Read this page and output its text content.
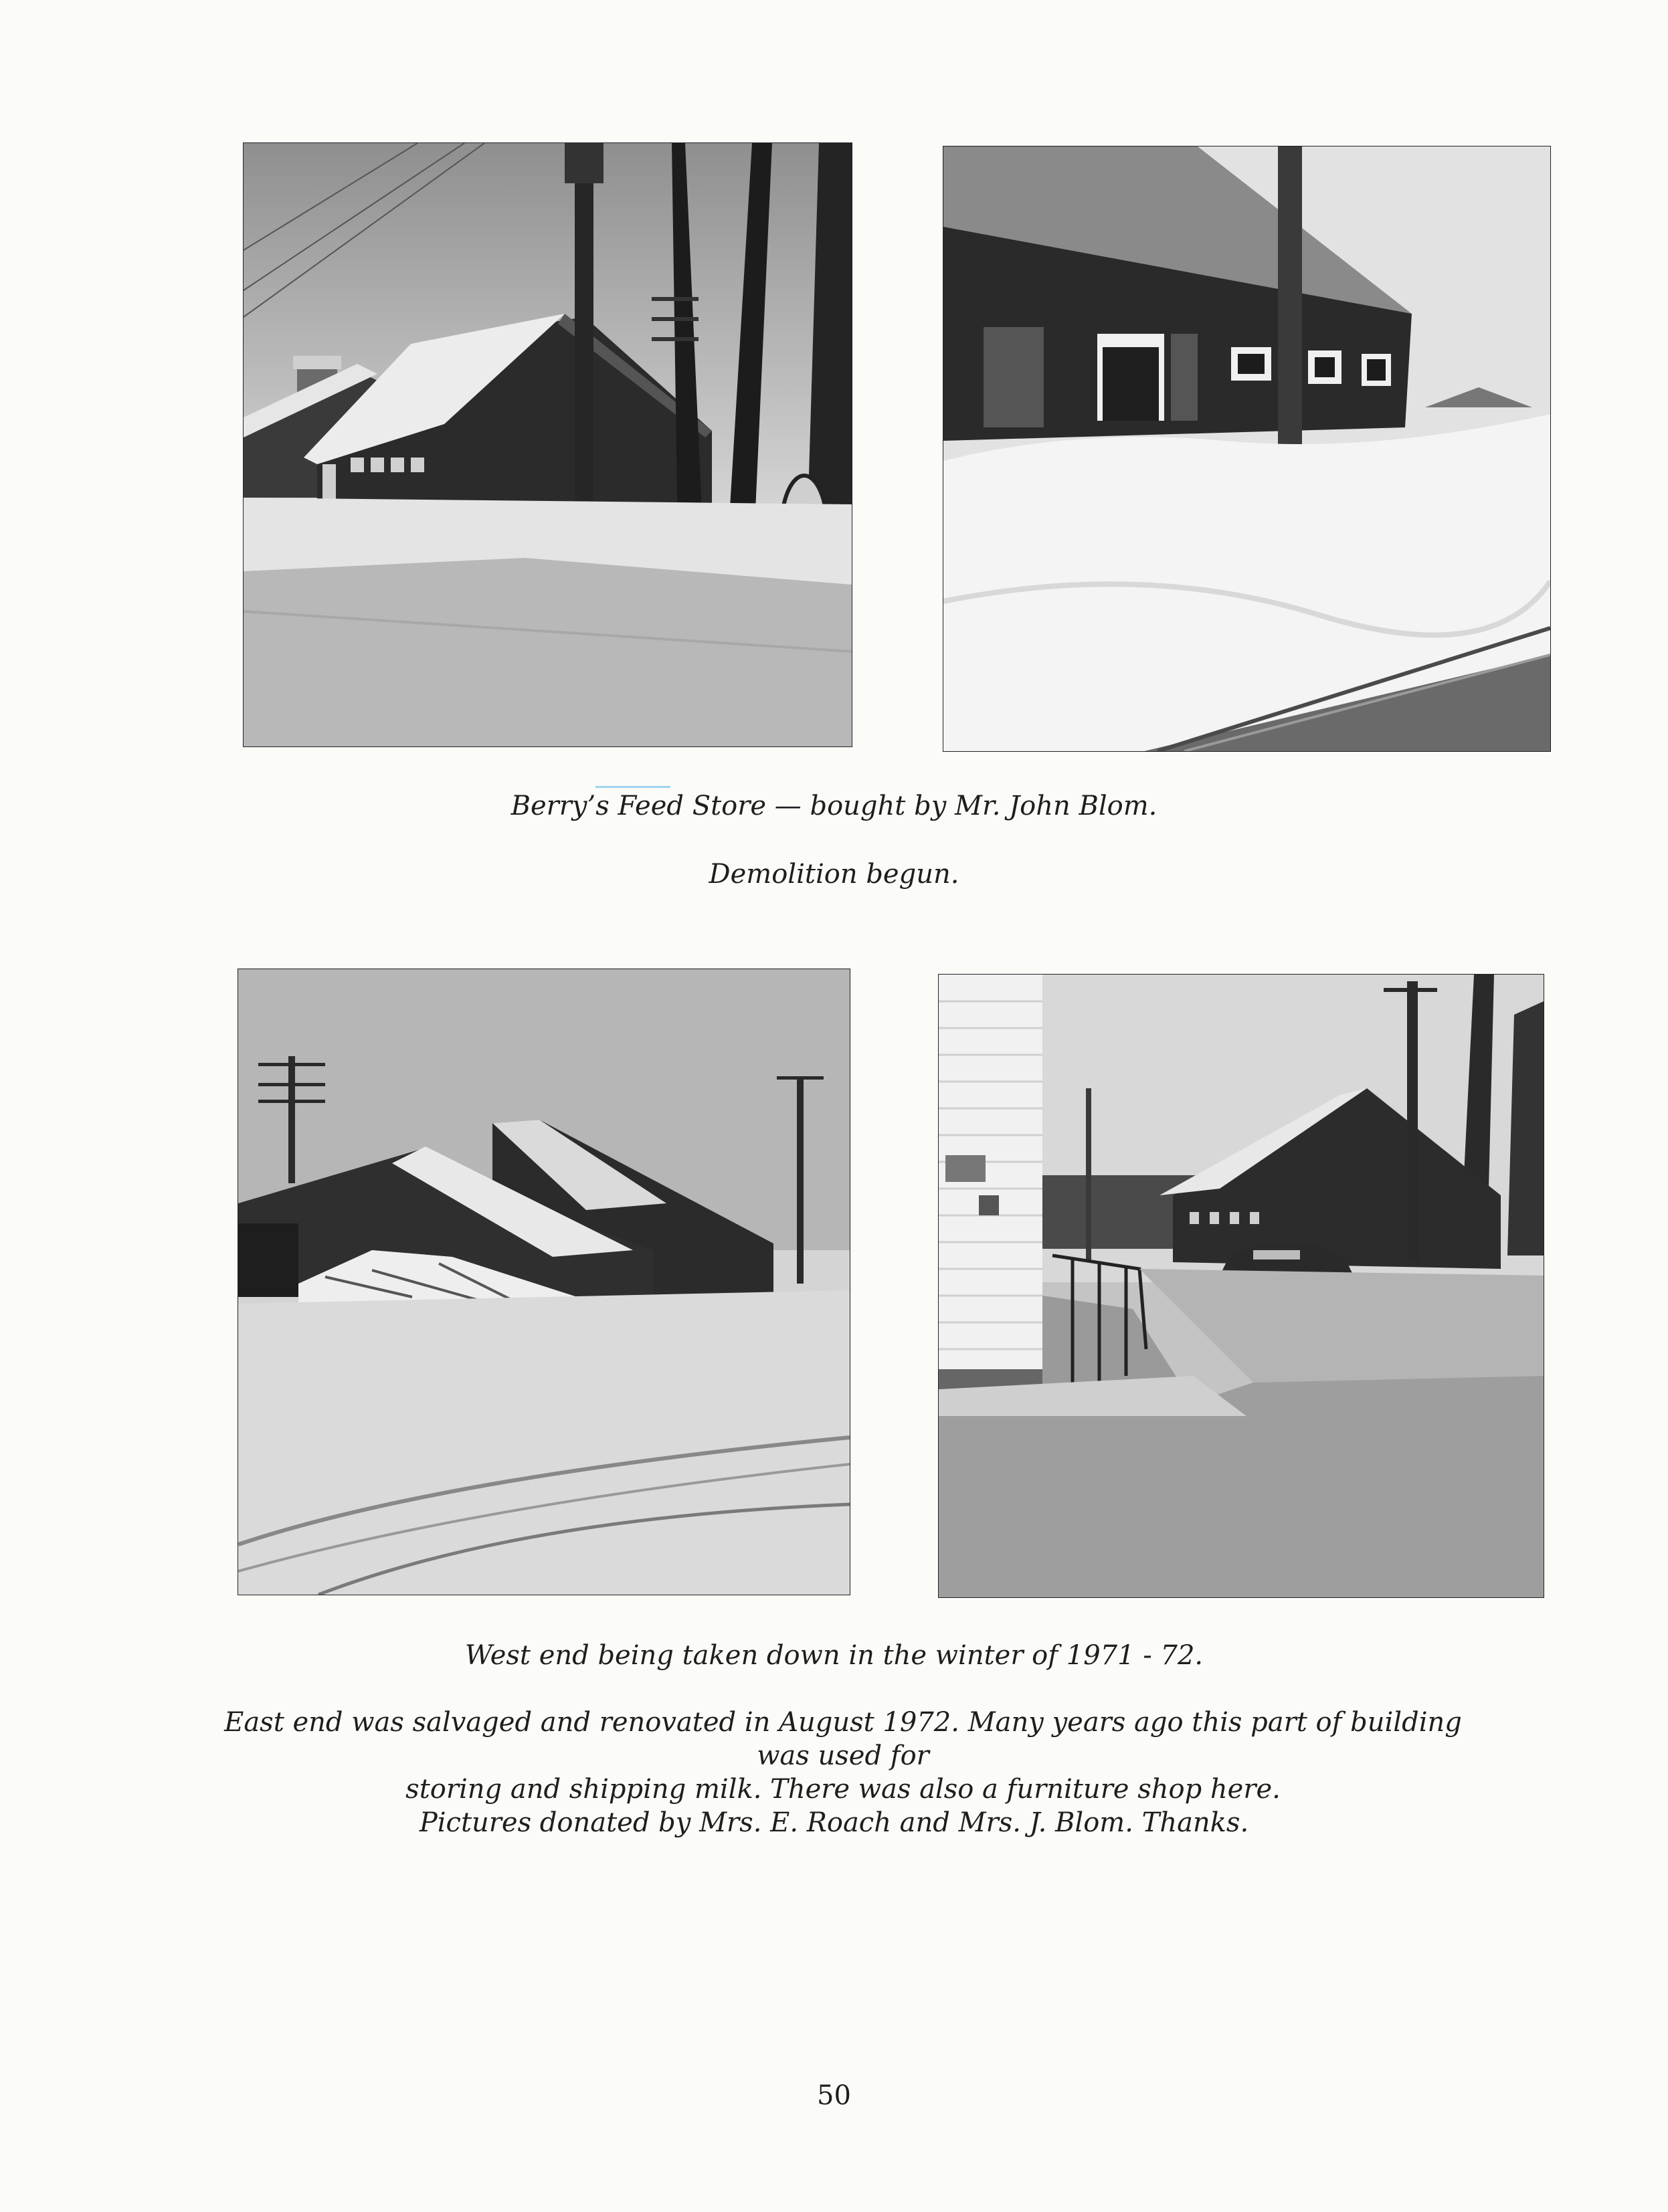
Berry’s Feed Store — bought by Mr. John Blom.

Demolition begun.

West end being taken down in the winter of 1971 - 72.

East end was salvaged and renovated in August 1972. Many years ago this part of building was used for
storing and shipping milk. There was also a furniture shop here.

Pictures donated by Mrs. E. Roach and Mrs. J. Blom. Thanks.

50
